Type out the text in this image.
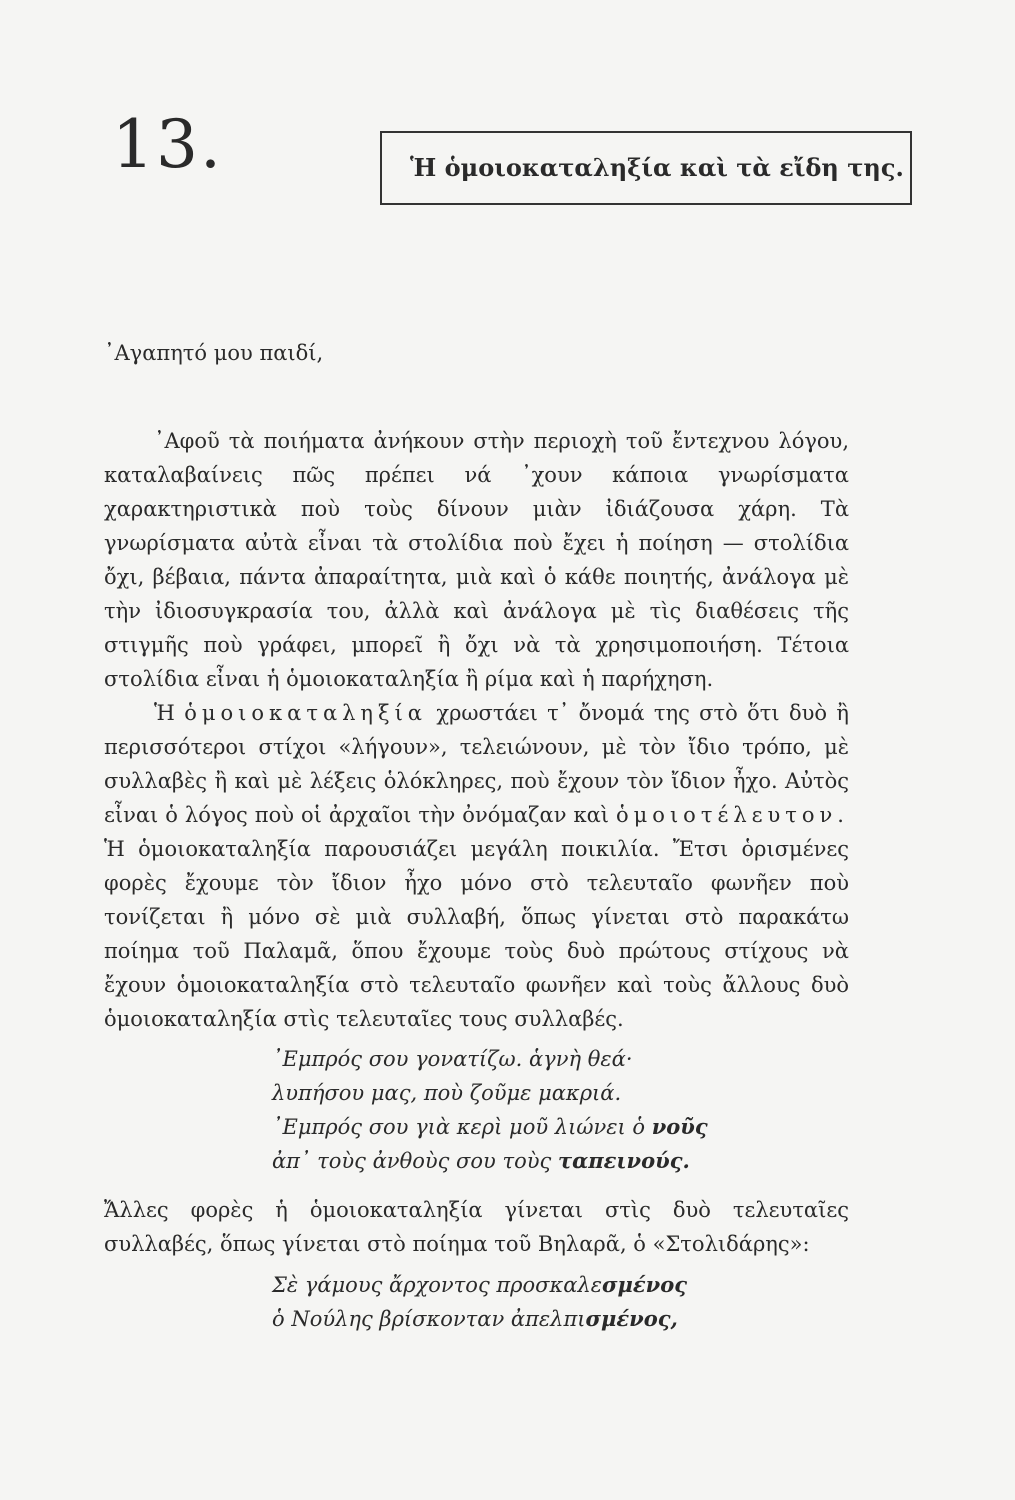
13.	Ἡ ὁμοιοκαταληξία καὶ τὰ εἴδη της.
᾿Αγαπητό μου παιδί,

᾿Αφοῦ τὰ ποιήματα ἀνήκουν στὴν περιοχὴ τοῦ ἔντεχνου λόγου, καταλαβαίνεις πῶς πρέπει νά ᾿χουν κάποια γνωρίσματα χαρακτηριστικὰ ποὺ τοὺς δίνουν μιὰν ἰδιάζουσα χάρη. Τὰ γνωρίσματα αὐτὰ εἶναι τὰ στολίδια ποὺ ἔχει ἡ ποίηση — στολίδια ὄχι, βέβαια, πάντα ἀπαραίτητα, μιὰ καὶ ὁ κάθε ποιητής, ἀνάλογα μὲ τὴν ἰδιοσυγκρασία του, ἀλλὰ καὶ ἀνάλογα μὲ τὶς διαθέσεις τῆς στιγμῆς ποὺ γράφει, μπορεῖ ἢ ὄχι νὰ τὰ χρησιμοποιήση. Τέτοια στολίδια εἶναι ἡ ὁμοιοκαταληξία ἢ ρίμα καὶ ἡ παρήχηση.

Ἡ ὁμοιοκαταληξία χρωστάει τ᾿ ὄνομά της στὸ ὅτι δυὸ ἢ περισσότεροι στίχοι «λήγουν», τελειώνουν, μὲ τὸν ἴδιο τρόπο, μὲ συλλαβὲς ἢ καὶ μὲ λέξεις ὁλόκληρες, ποὺ ἔχουν τὸν ἴδιον ἦχο. Αὐτὸς εἶναι ὁ λόγος ποὺ οἱ ἀρχαῖοι τὴν ὀνόμαζαν καὶ ὁμοιοτέλευτον. Ἡ ὁμοιοκαταληξία παρουσιάζει μεγάλη ποικιλία. Ἔτσι ὁρισμένες φορὲς ἔχουμε τὸν ἴδιον ἦχο μόνο στὸ τελευταῖο φωνῆεν ποὺ τονίζεται ἢ μόνο σὲ μιὰ συλλαβή, ὅπως γίνεται στὸ παρακάτω ποίημα τοῦ Παλαμᾶ, ὅπου ἔχουμε τοὺς δυὸ πρώτους στίχους νὰ ἔχουν ὁμοιοκαταληξία στὸ τελευταῖο φωνῆεν καὶ τοὺς ἄλλους δυὸ ὁμοιοκαταληξία στὶς τελευταῖες τους συλλαβές.

᾿Εμπρός σου γονατίζω. ἁγνὴ θεά·
λυπήσου μας, ποὺ ζοῦμε μακριά.
᾿Εμπρός σου γιὰ κερὶ μοῦ λιώνει ὁ νοῦς
ἀπ᾿ τοὺς ἀνθοὺς σου τοὺς ταπεινούς.

Ἄλλες φορὲς ἡ ὁμοιοκαταληξία γίνεται στὶς δυὸ τελευταῖες συλλαβές, ὅπως γίνεται στὸ ποίημα τοῦ Βηλαρᾶ, ὁ «Στολιδάρης»:

Σὲ γάμους ἄρχοντος προσκαλεσμένος
ὁ Νούλης βρίσκονταν ἀπελπισμένος,
